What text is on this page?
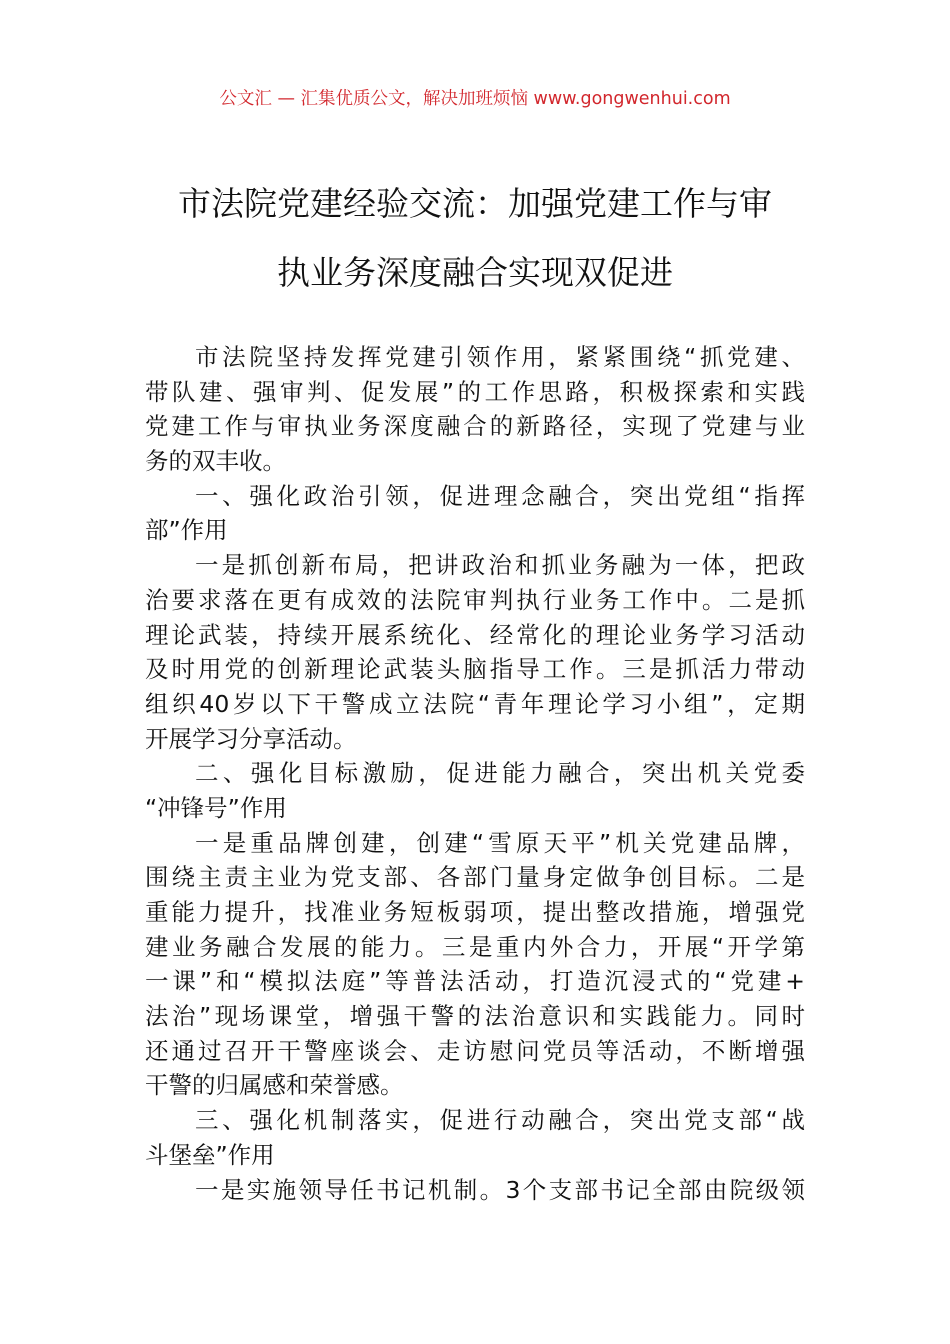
公文汇 — 汇集优质公文，解决加班烦恼 www.gongwenhui.com
市法院党建经验交流：加强党建工作与审
执业务深度融合实现双促进
市法院坚持发挥党建引领作用，紧紧围绕“抓党建、
带队建、强审判、促发展”的工作思路，积极探索和实践
党建工作与审执业务深度融合的新路径，实现了党建与业
务的双丰收。
一、强化政治引领，促进理念融合，突出党组“指挥
部”作用
一是抓创新布局，把讲政治和抓业务融为一体，把政
治要求落在更有成效的法院审判执行业务工作中。二是抓
理论武装，持续开展系统化、经常化的理论业务学习活动
及时用党的创新理论武装头脑指导工作。三是抓活力带动
组织40岁以下干警成立法院“青年理论学习小组”，定期
开展学习分享活动。
二、强化目标激励，促进能力融合，突出机关党委
“冲锋号”作用
一是重品牌创建，创建“雪原天平”机关党建品牌，
围绕主责主业为党支部、各部门量身定做争创目标。二是
重能力提升，找准业务短板弱项，提出整改措施，增强党
建业务融合发展的能力。三是重内外合力，开展“开学第
一课”和“模拟法庭”等普法活动，打造沉浸式的“党建+
法治”现场课堂，增强干警的法治意识和实践能力。同时
还通过召开干警座谈会、走访慰问党员等活动，不断增强
干警的归属感和荣誉感。
三、强化机制落实，促进行动融合，突出党支部“战
斗堡垒”作用
一是实施领导任书记机制。3个支部书记全部由院级领
